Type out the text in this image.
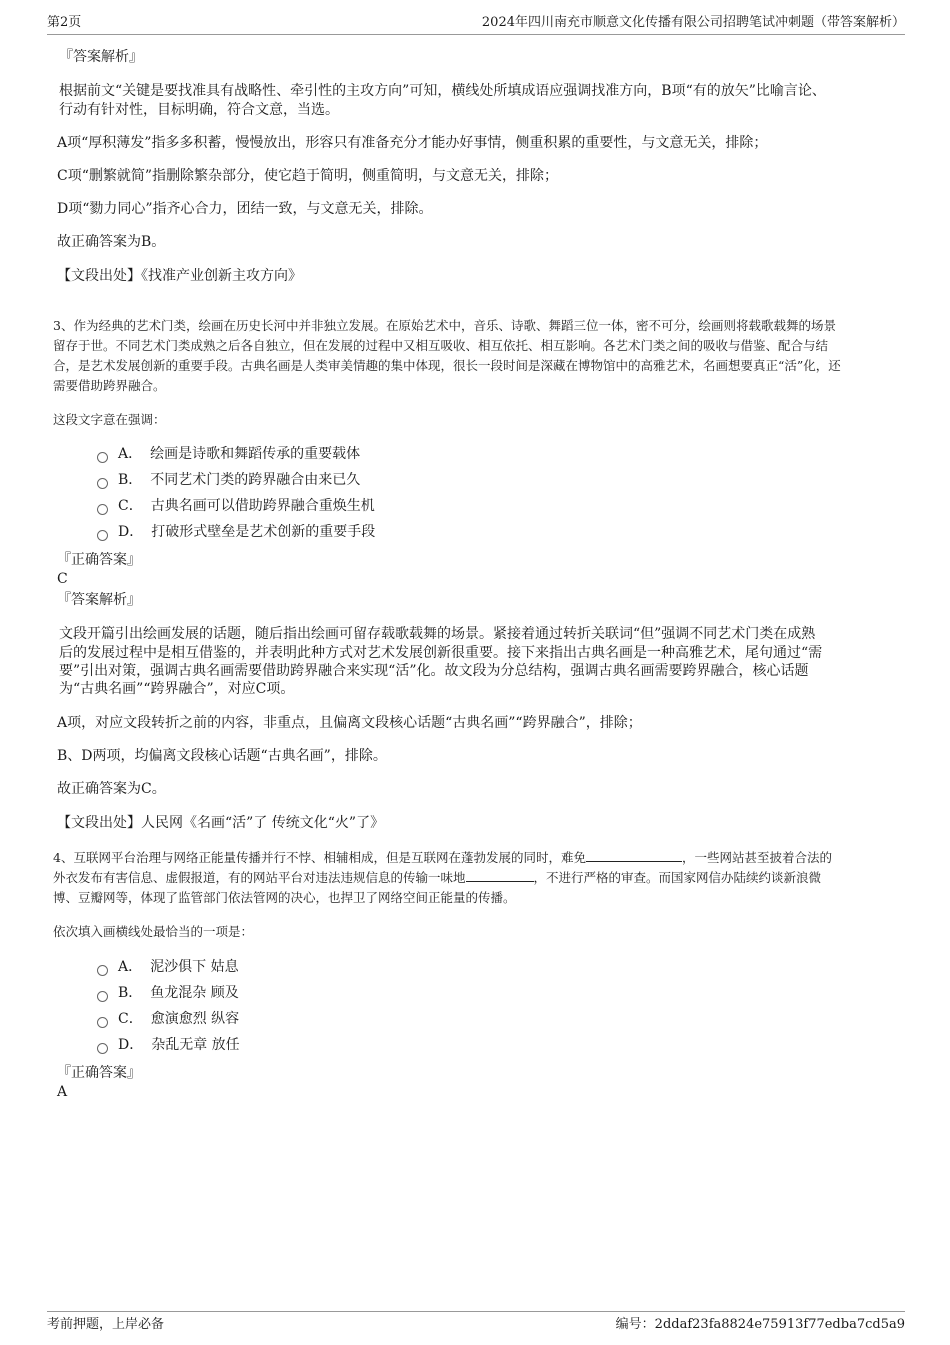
第2页	2024年四川南充市顺意文化传播有限公司招聘笔试冲刺题（带答案解析）

『答案解析』

根据前文“关键是要找准具有战略性、牵引性的主攻方向”可知，横线处所填成语应强调找准方向，B项“有的放矢”比喻言论、

行动有针对性，目标明确，符合文意，当选。

A项“厚积薄发”指多多积蓄，慢慢放出，形容只有准备充分才能办好事情，侧重积累的重要性，与文意无关，排除；

C项“删繁就简”指删除繁杂部分，使它趋于简明，侧重简明，与文意无关，排除；

D项“勠力同心”指齐心合力，团结一致，与文意无关，排除。

故正确答案为B。

【文段出处】《找准产业创新主攻方向》

3、作为经典的艺术门类，绘画在历史长河中并非独立发展。在原始艺术中，音乐、诗歌、舞蹈三位一体，密不可分，绘画则将载歌载舞的场景

留存于世。不同艺术门类成熟之后各自独立，但在发展的过程中又相互吸收、相互依托、相互影响。各艺术门类之间的吸收与借鉴、配合与结

合，是艺术发展创新的重要手段。古典名画是人类审美情趣的集中体现，很长一段时间是深藏在博物馆中的高雅艺术，名画想要真正“活”化，还

需要借助跨界融合。

这段文字意在强调：

A． 绘画是诗歌和舞蹈传承的重要载体
B． 不同艺术门类的跨界融合由来已久
C． 古典名画可以借助跨界融合重焕生机
D． 打破形式壁垒是艺术创新的重要手段

『正确答案』

C

『答案解析』

文段开篇引出绘画发展的话题，随后指出绘画可留存载歌载舞的场景。紧接着通过转折关联词“但”强调不同艺术门类在成熟

后的发展过程中是相互借鉴的，并表明此种方式对艺术发展创新很重要。接下来指出古典名画是一种高雅艺术，尾句通过“需

要”引出对策，强调古典名画需要借助跨界融合来实现“活”化。故文段为分总结构，强调古典名画需要跨界融合，核心话题

为“古典名画”“跨界融合”，对应C项。

A项，对应文段转折之前的内容，非重点，且偏离文段核心话题“古典名画”“跨界融合”，排除；

B、D两项，均偏离文段核心话题“古典名画”，排除。

故正确答案为C。

【文段出处】人民网《名画“活”了 传统文化“火”了》

4、互联网平台治理与网络正能量传播并行不悖、相辅相成，但是互联网在蓬勃发展的同时，难免	，一些网站甚至披着合法的

外衣发布有害信息、虚假报道，有的网站平台对违法违规信息的传输一味地	，不进行严格的审查。而国家网信办陆续约谈新浪微

博、豆瓣网等，体现了监管部门依法管网的决心，也捍卫了网络空间正能量的传播。

依次填入画横线处最恰当的一项是：

A． 泥沙俱下 姑息
B． 鱼龙混杂 顾及
C． 愈演愈烈 纵容
D． 杂乱无章 放任

『正确答案』

A

考前押题，上岸必备	编号：2ddaf23fa8824e75913f77edba7cd5a9
